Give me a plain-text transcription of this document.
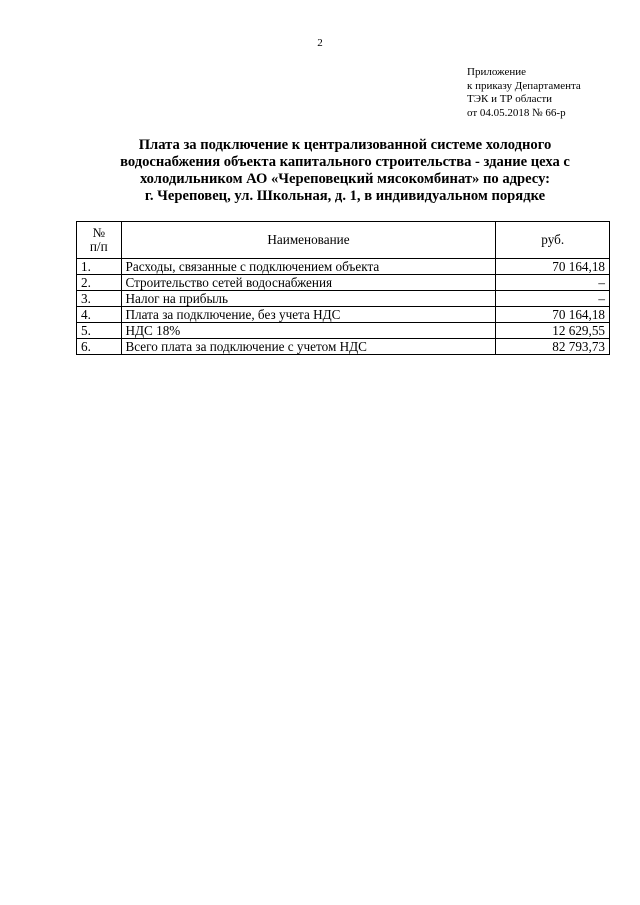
2
Приложение
к приказу Департамента
ТЭК и ТР области
от 04.05.2018 № 66-р
Плата за подключение к централизованной системе холодного
водоснабжения объекта капитального строительства - здание цеха с
холодильником АО «Череповецкий мясокомбинат» по адресу:
г. Череповец, ул. Школьная, д. 1, в индивидуальном порядке
№
п/п	Наименование	руб.
1.	Расходы, связанные с подключением объекта	70 164,18
2.	Строительство сетей водоснабжения	–
3.	Налог на прибыль	–
4.	Плата за подключение, без учета НДС	70 164,18
5.	НДС 18%	12 629,55
6.	Всего плата за подключение с учетом НДС	82 793,73
